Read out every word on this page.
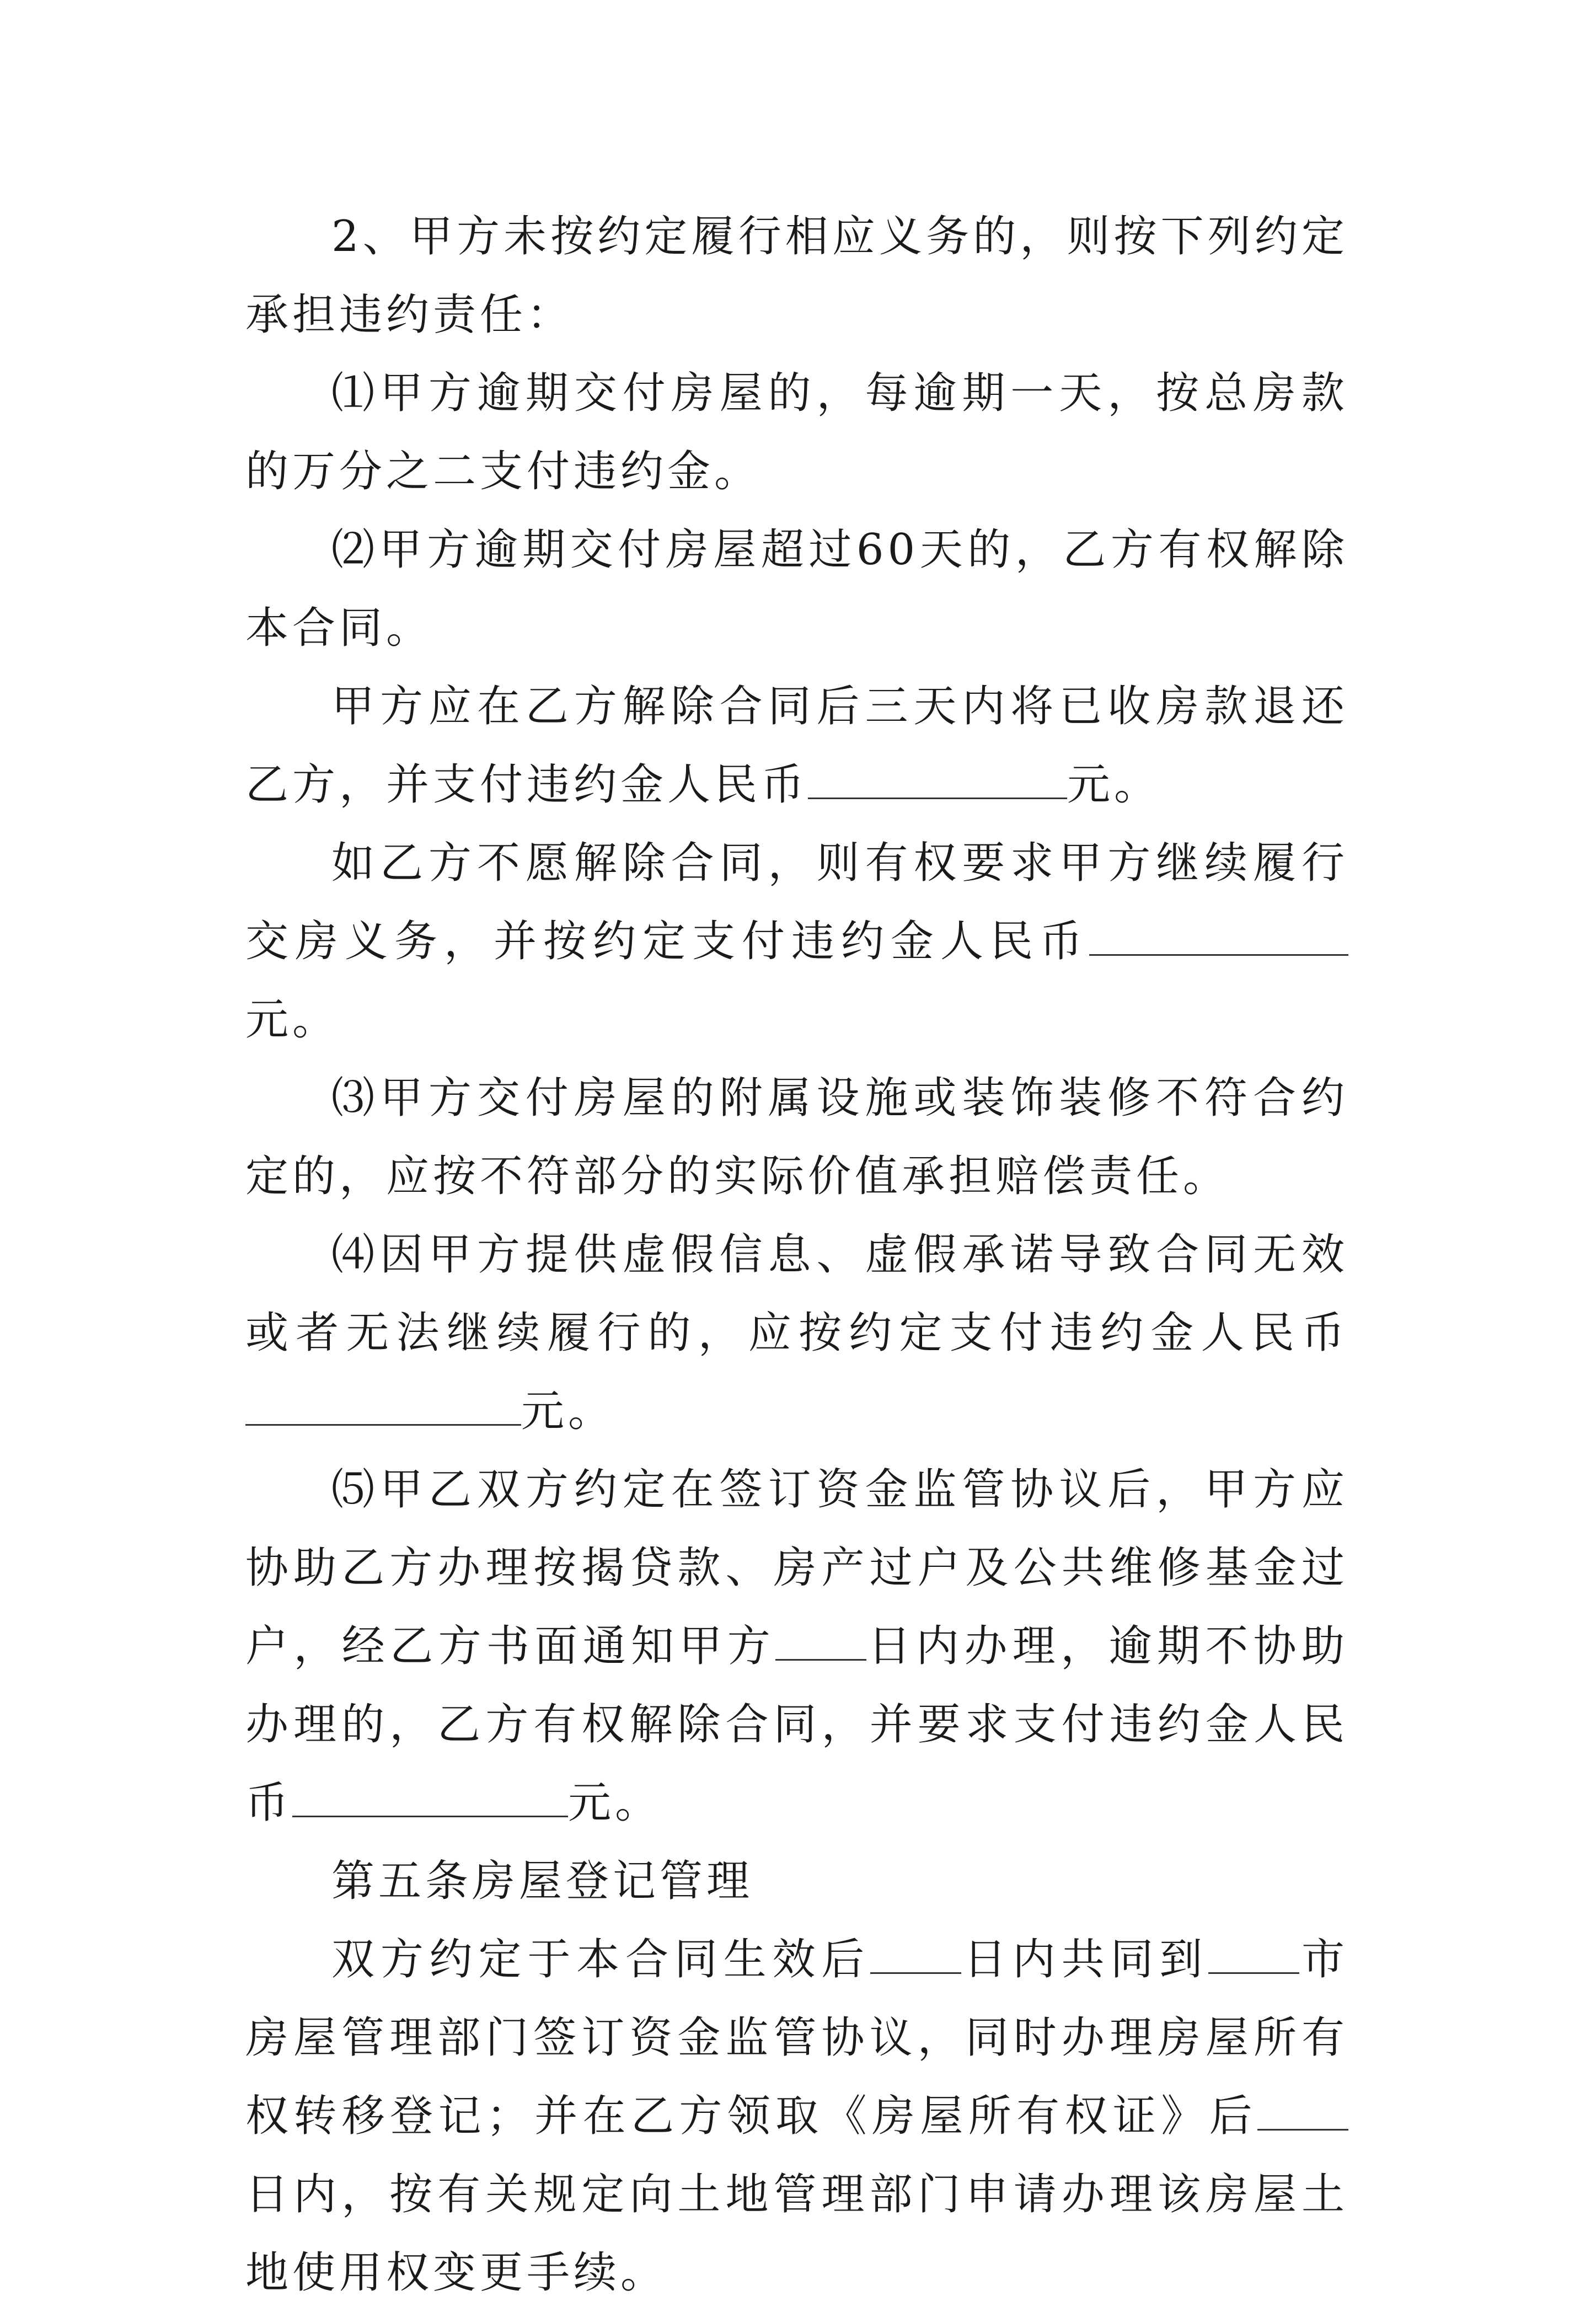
2、甲方未按约定履行相应义务的，则按下列约定承担违约责任：

⑴甲方逾期交付房屋的，每逾期一天，按总房款的万分之二支付违约金。

⑵甲方逾期交付房屋超过60天的，乙方有权解除本合同。

甲方应在乙方解除合同后三天内将已收房款退还乙方，并支付违约金人民币	元。

如乙方不愿解除合同，则有权要求甲方继续履行交房义务，并按约定支付违约金人民币元。

⑶甲方交付房屋的附属设施或装饰装修不符合约定的，应按不符部分的实际价值承担赔偿责任。

⑷因甲方提供虚假信息、虚假承诺导致合同无效或者无法继续履行的，应按约定支付违约金人民币元。

⑸甲乙双方约定在签订资金监管协议后，甲方应协助乙方办理按揭贷款、房产过户及公共维修基金过户，经乙方书面通知甲方 日内办理，逾期不协助办理的，乙方有权解除合同，并要求支付违约金人民币	元。

第五条房屋登记管理

双方约定于本合同生效后 日内共同到 市房屋管理部门签订资金监管协议，同时办理房屋所有权转移登记；并在乙方领取《房屋所有权证》后日内，按有关规定向土地管理部门申请办理该房屋土地使用权变更手续。
